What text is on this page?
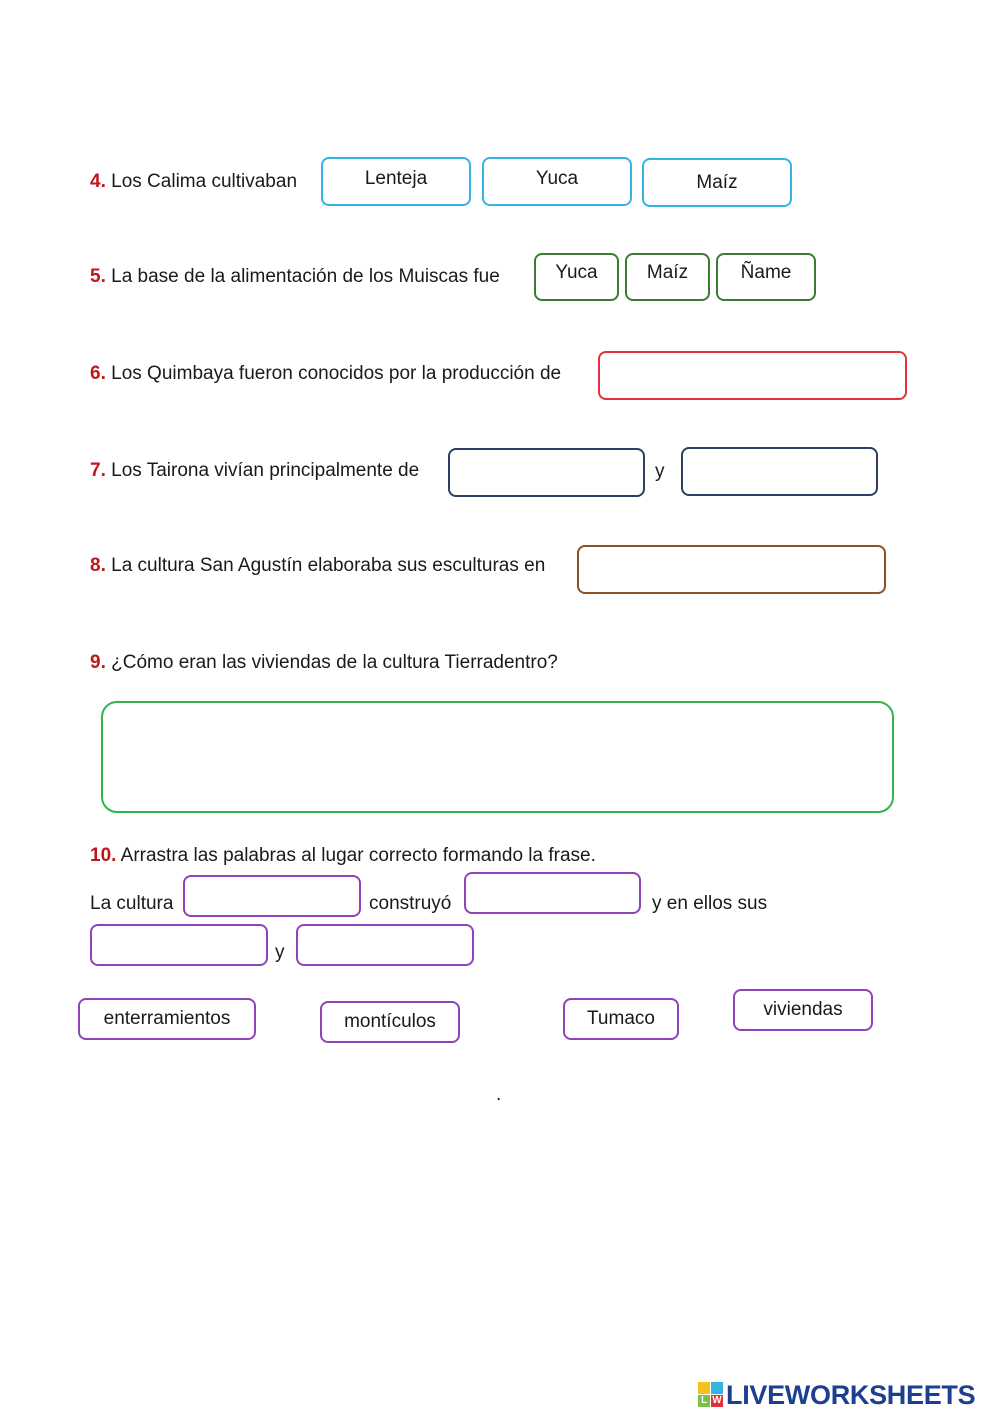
4. Los Calima cultivaban	Lenteja	Yuca	Maíz
5. La base de la alimentación de los Muiscas fue	Yuca	Maíz	Ñame
6. Los Quimbaya fueron conocidos por la producción de
7. Los Tairona vivían principalmente de	y
8. La cultura San Agustín elaboraba sus esculturas en
9. ¿Cómo eran las viviendas de la cultura Tierradentro?
10. Arrastra las palabras al lugar correcto formando la frase.
La cultura	construyó	y en ellos sus
y
enterramientos	montículos	Tumaco	viviendas
.
L W LIVEWORKSHEETS
